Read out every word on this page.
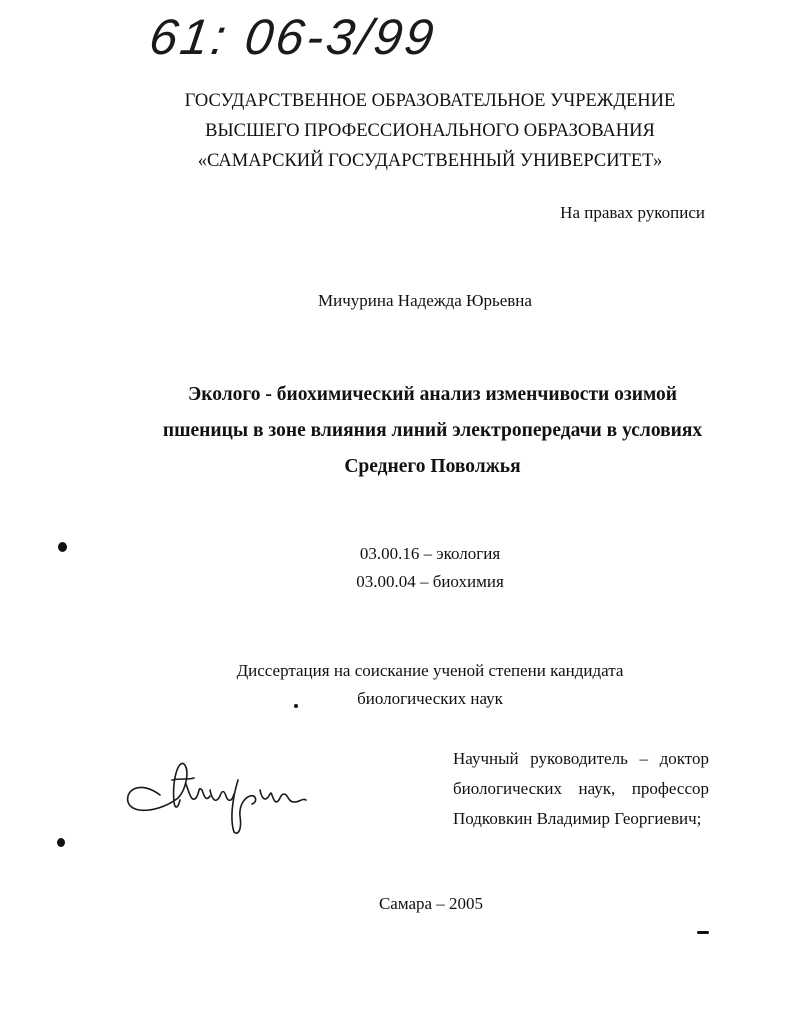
61: 06-3/99
ГОСУДАРСТВЕННОЕ ОБРАЗОВАТЕЛЬНОЕ УЧРЕЖДЕНИЕ
ВЫСШЕГО ПРОФЕССИОНАЛЬНОГО ОБРАЗОВАНИЯ
«САМАРСКИЙ ГОСУДАРСТВЕННЫЙ УНИВЕРСИТЕТ»
На правах рукописи
Мичурина Надежда Юрьевна
Эколого - биохимический анализ изменчивости озимой
пшеницы в зоне влияния линий электропередачи в условиях
Среднего Поволжья
03.00.16 – экология
03.00.04 – биохимия
Диссертация на соискание ученой степени кандидата
биологических наук
Научный руководитель – доктор
биологических наук, профессор
Подковкин Владимир Георгиевич;
Самара – 2005
